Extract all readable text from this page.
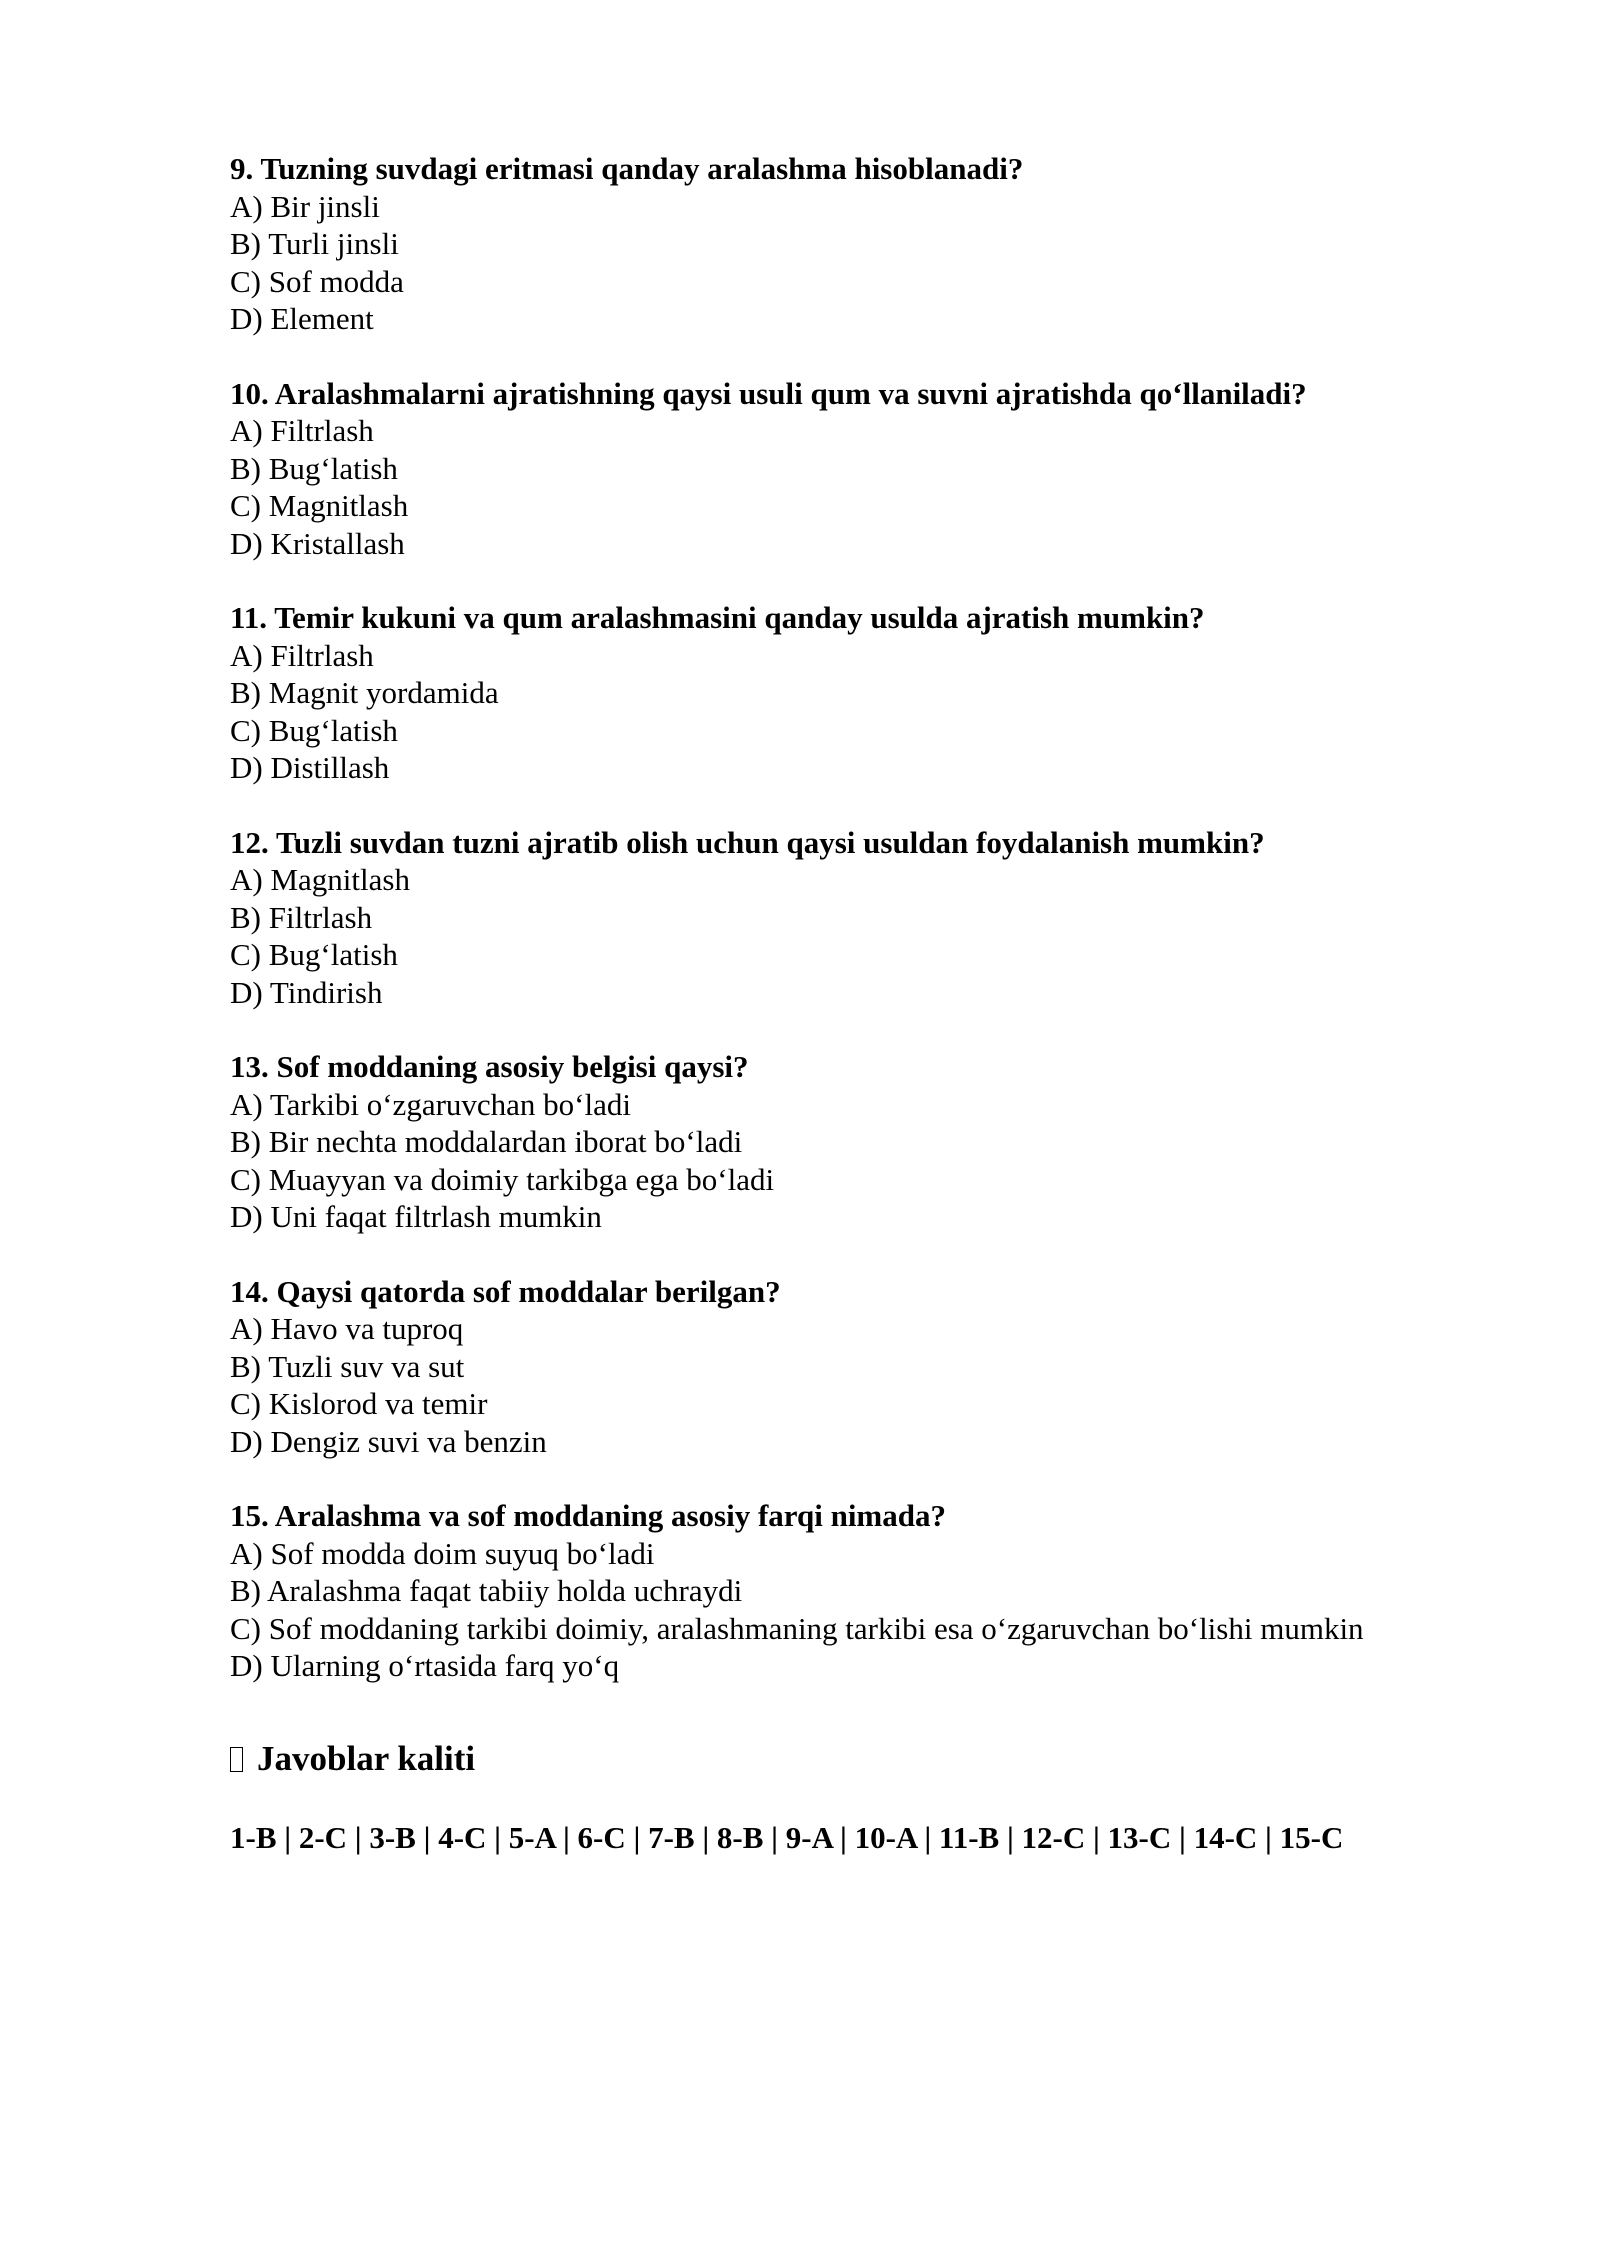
9. Tuzning suvdagi eritmasi qanday aralashma hisoblanadi?
A) Bir jinsli
B) Turli jinsli
C) Sof modda
D) Element
10. Aralashmalarni ajratishning qaysi usuli qum va suvni ajratishda qo‘llaniladi?
A) Filtrlash
B) Bug‘latish
C) Magnitlash
D) Kristallash
11. Temir kukuni va qum aralashmasini qanday usulda ajratish mumkin?
A) Filtrlash
B) Magnit yordamida
C) Bug‘latish
D) Distillash
12. Tuzli suvdan tuzni ajratib olish uchun qaysi usuldan foydalanish mumkin?
A) Magnitlash
B) Filtrlash
C) Bug‘latish
D) Tindirish
13. Sof moddaning asosiy belgisi qaysi?
A) Tarkibi o‘zgaruvchan bo‘ladi
B) Bir nechta moddalardan iborat bo‘ladi
C) Muayyan va doimiy tarkibga ega bo‘ladi
D) Uni faqat filtrlash mumkin
14. Qaysi qatorda sof moddalar berilgan?
A) Havo va tuproq
B) Tuzli suv va sut
C) Kislorod va temir
D) Dengiz suvi va benzin
15. Aralashma va sof moddaning asosiy farqi nimada?
A) Sof modda doim suyuq bo‘ladi
B) Aralashma faqat tabiiy holda uchraydi
C) Sof moddaning tarkibi doimiy, aralashmaning tarkibi esa o‘zgaruvchan bo‘lishi mumkin
D) Ularning o‘rtasida farq yo‘q
Javoblar kaliti
1-B | 2-C | 3-B | 4-C | 5-A | 6-C | 7-B | 8-B | 9-A | 10-A | 11-B | 12-C | 13-C | 14-C | 15-C
